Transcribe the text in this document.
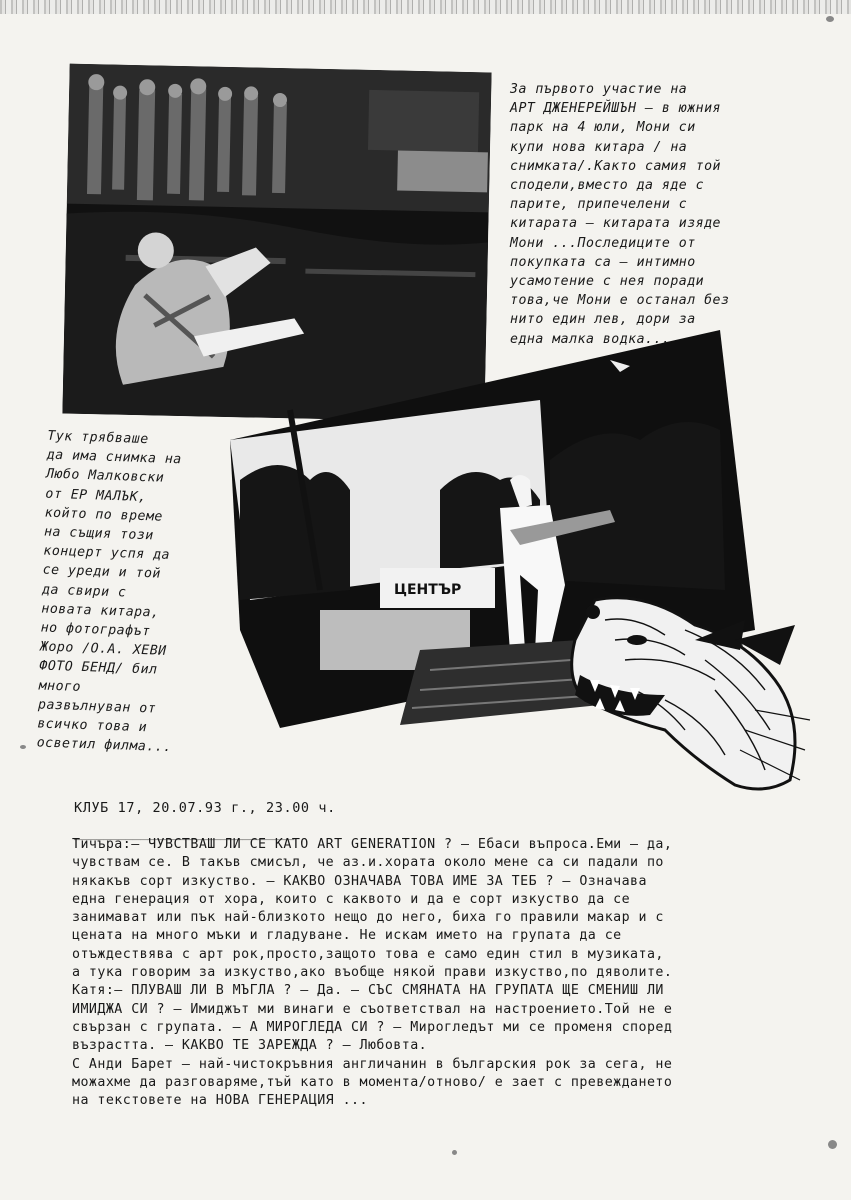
ЦЕНТЪР
За първото участие на
АРТ ДЖЕНЕРЕЙШЪН – в южния
парк на 4 юли, Мони си
купи нова китара / на
снимката/.Както самия той
сподели,вместо да яде с
парите, припечелени с
китарата – китарата изяде
Мони ...Последиците от
покупката са – интимно
усамотение с нея поради
това,че Мони е останал без
нито един лев, дори за
една малка водка...
Тук трябваше
да има снимка на
Любо Малковски
от ЕР МАЛЪК,
който по време
на същия този
концерт успя да
се уреди и той
да свири с
новата китара,
но фотографът
Жоро /О.А. ХЕВИ
ФОТО БЕНД/ бил
много
развълнуван от
всичко това и
осветил филма...
КЛУБ 17, 20.07.93 г., 23.00 ч.
______________________________
Тичъра:– ЧУВСТВАШ ЛИ СЕ КАТО ART GENERATION ? – Ебаси въпроса.Еми – да,
чувствам се. В такъв смисъл, че аз.и.хората около мене са си падали по
някакъв сорт изкуство. – КАКВО ОЗНАЧАВА ТОВА ИМЕ ЗА ТЕБ ? – Означава
една генерация от хора, които с каквото и да е сорт изкуство да се
занимават или пък най-близкото нещо до него, биха го правили макар и с
цената на много мъки и гладуване. Не искам името на групата да се
отъждествява с арт рок,просто,защото това е само един стил в музиката,
а тука говорим за изкуство,ако въобще някой прави изкуство,по дяволите.
Катя:– ПЛУВАШ ЛИ В МЪГЛА ? – Да. – СЪС СМЯНАТА НА ГРУПАТА ЩЕ СМЕНИШ ЛИ
ИМИДЖА СИ ? – Имиджът ми винаги е съответствал на настроението.Той не е
свързан с групата. – А МИРОГЛЕДА СИ ? – Мирогледът ми се променя според
възрастта. – КАКВО ТЕ ЗАРЕЖДА ? – Любовта.
С Анди Барет – най-чистокръвния англичанин в българския рок за сега, не
можахме да разговаряме,тъй като в момента/отново/ е зает с превеждането
на текстовете на НОВА ГЕНЕРАЦИЯ ...
